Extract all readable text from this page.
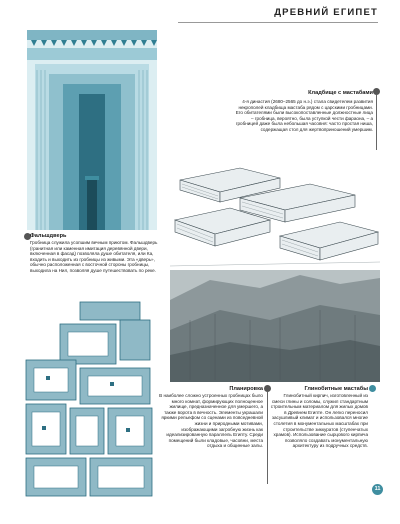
ДРЕВНИЙ ЕГИПЕТ
Фальшдверь
Гробница служила усопшим вечным приютом. Фальшдверь (гранитная или каменная имитация деревянной двери, включенная в фасад) позволяла душе обитателя, или Ка, входить и выходить из гробницы из живыми. Эта «дверь», обычно расположенная с восточной стороны гробницы, выходила на Нил, позволяя душе путешествовать по реке.
Кладбище с мастабами
4-я династия (2680–2565 до н.э.) стала свидетелем развития некрополей кладбища мастаба рядом с царскими гробницами. Его обитателями были высокопоставленные должностные лица – гробница, вероятно, была уступкой чести фараона, – а гробницей даже была небольшая часовня: часто простая ниша, содержащая стол для жертвоприношений умершим.
Планировка
В наиболее сложно устроенных гробницах было много комнат, формирующих полноценное жилище, предназначенное для умершего, а также ворота в вечность. Элементы украшали яркими рельефом со сценами из повседневной жизни и природными мотивами, изображающими загробную жизнь как идеализированную параллель Египту. Среди помещений были кладовые, часовни, места отдыха и общинные залы.
Глинобитные мастабы
Глинобитный кирпич, изготовленный из смеси глины и соломы, служил стандартным строительным материалом для жилых домов в Древнем Египте. Он легко переносил засушливый климат и использовался многие столетия в монументальных масштабах при строительстве зиккуратов (ступенчатых храмов). Использование сырцового кирпича позволяло создавать монументальную архитектуру из подручных средств.
11
